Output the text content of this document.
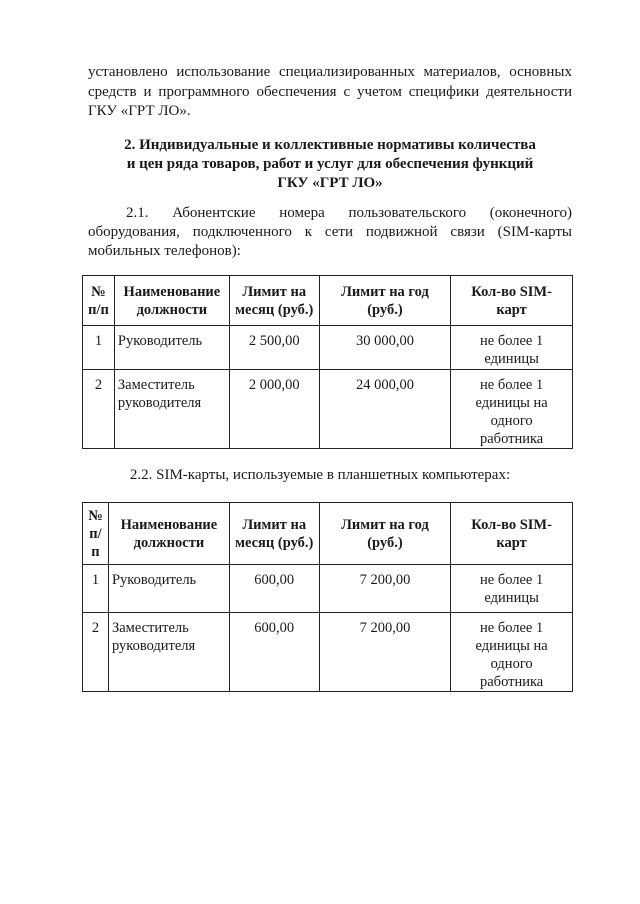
установлено использование специализированных материалов, основных
средств и программного обеспечения с учетом специфики деятельности
ГКУ «ГРТ ЛО».

2. Индивидуальные и коллективные нормативы количества
и цен ряда товаров, работ и услуг для обеспечения функций
ГКУ «ГРТ ЛО»

2.1. Абонентские номера пользовательского (оконечного)
оборудования, подключенного к сети подвижной связи (SIM-карты
мобильных телефонов):

№
п/п	Наименование
должности	Лимит на
месяц (руб.)	Лимит на год
(руб.)	Кол-во SIM-
карт
1	Руководитель	2 500,00	30 000,00	не более 1
единицы
2	Заместитель
руководителя	2 000,00	24 000,00	не более 1
единицы на
одного
работника

2.2. SIM-карты, используемые в планшетных компьютерах:

№
п/
п	Наименование
должности	Лимит на
месяц (руб.)	Лимит на год
(руб.)	Кол-во SIM-
карт
1	Руководитель	600,00	7 200,00	не более 1
единицы
2	Заместитель
руководителя	600,00	7 200,00	не более 1
единицы на
одного
работника
